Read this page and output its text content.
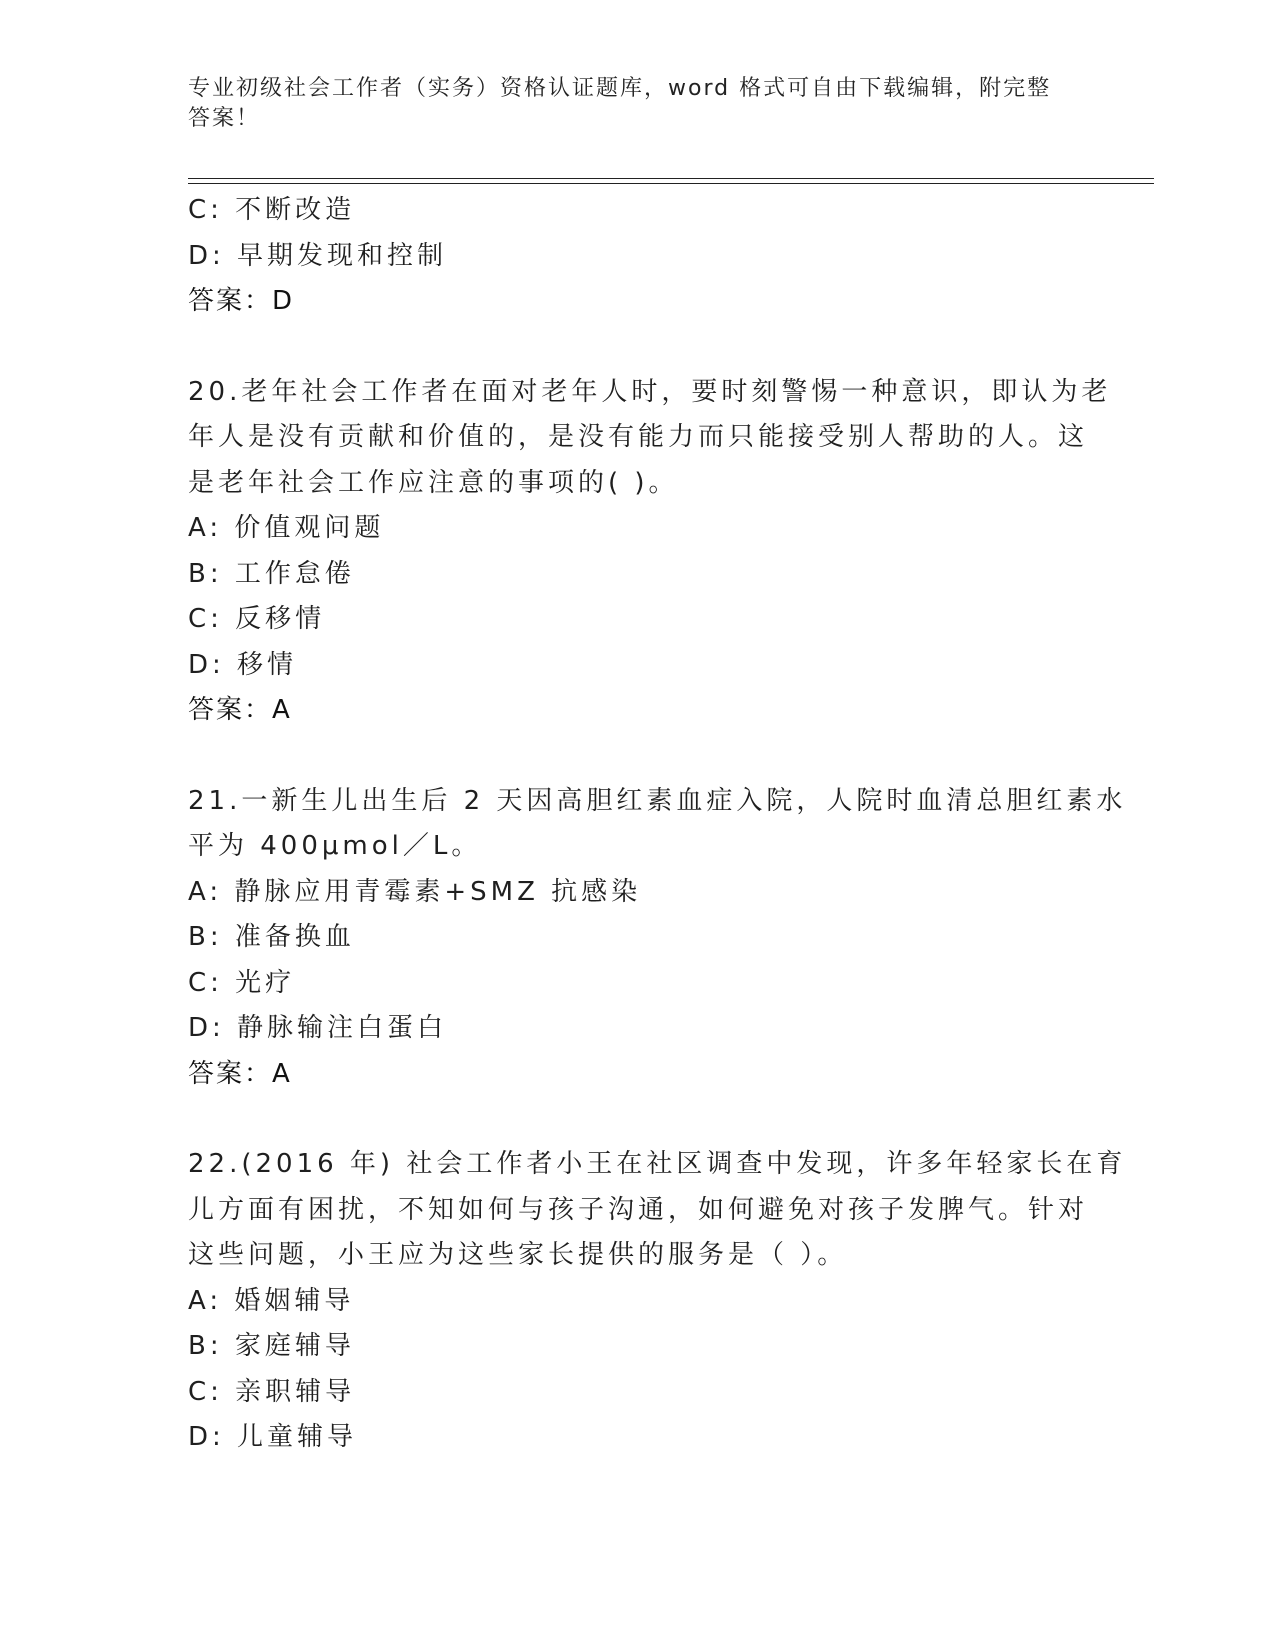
专业初级社会工作者（实务）资格认证题库，word 格式可自由下载编辑，附完整
答案！
C: 不断改造
D: 早期发现和控制
答案：D
20.老年社会工作者在面对老年人时，要时刻警惕一种意识，即认为老
年人是没有贡献和价值的，是没有能力而只能接受别人帮助的人。这
是老年社会工作应注意的事项的( )。
A: 价值观问题
B: 工作怠倦
C: 反移情
D: 移情
答案：A
21.一新生儿出生后 2 天因高胆红素血症入院，人院时血清总胆红素水
平为 400μmol／L。
A: 静脉应用青霉素+SMZ 抗感染
B: 准备换血
C: 光疗
D: 静脉输注白蛋白
答案：A
22.(2016 年) 社会工作者小王在社区调查中发现，许多年轻家长在育
儿方面有困扰，不知如何与孩子沟通，如何避免对孩子发脾气。针对
这些问题，小王应为这些家长提供的服务是（ ）。
A: 婚姻辅导
B: 家庭辅导
C: 亲职辅导
D: 儿童辅导
